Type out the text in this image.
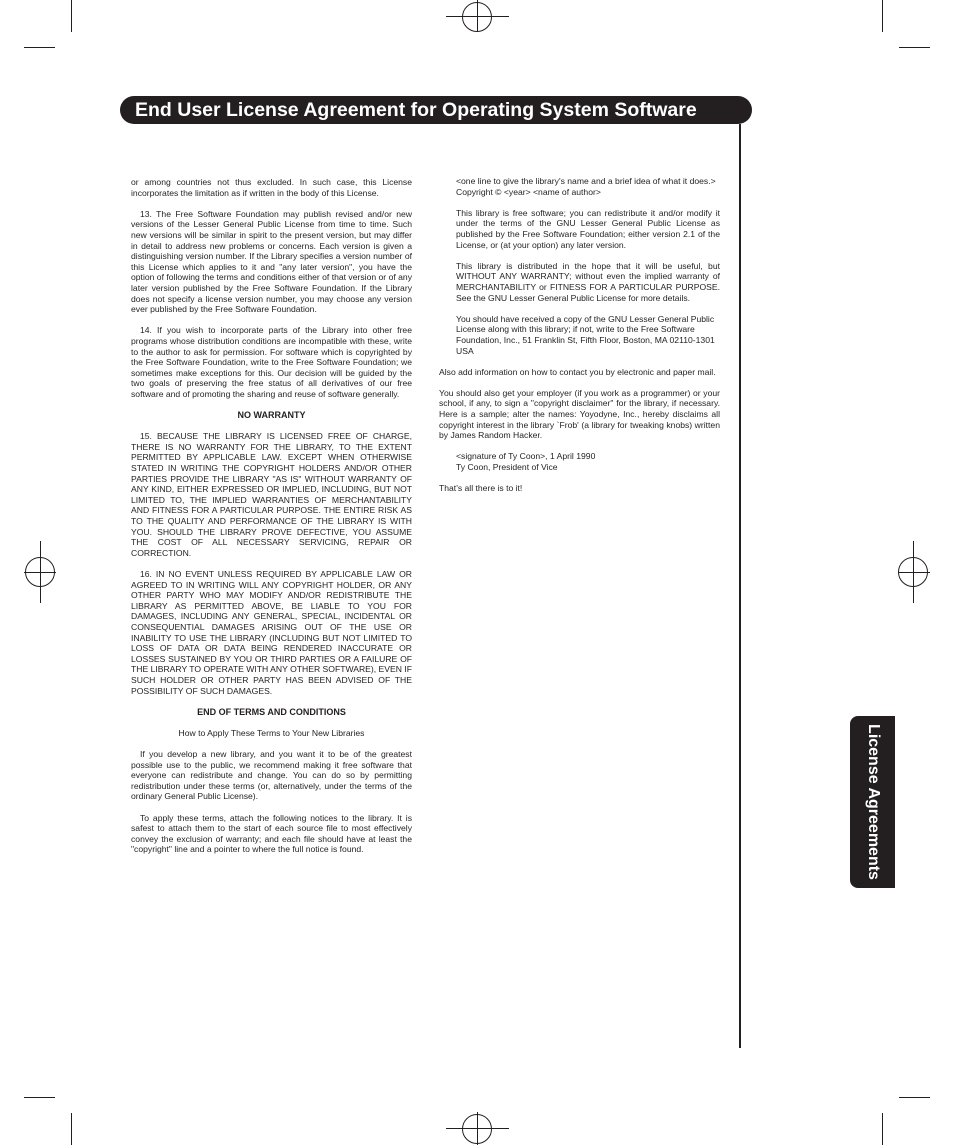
End User License Agreement for Operating System Software
License Agreements

or among countries not thus excluded. In such case, this License incorporates the limitation as if written in the body of this License.

13. The Free Software Foundation may publish revised and/or new versions of the Lesser General Public License from time to time. Such new versions will be similar in spirit to the present version, but may differ in detail to address new problems or concerns. Each version is given a distinguishing version number. If the Library specifies a version number of this License which applies to it and "any later version", you have the option of following the terms and conditions either of that version or of any later version published by the Free Software Foundation. If the Library does not specify a license version number, you may choose any version ever published by the Free Software Foundation.

14. If you wish to incorporate parts of the Library into other free programs whose distribution conditions are incompatible with these, write to the author to ask for permission. For software which is copyrighted by the Free Software Foundation, write to the Free Software Foundation; we sometimes make exceptions for this. Our decision will be guided by the two goals of preserving the free status of all derivatives of our free software and of promoting the sharing and reuse of software generally.

NO WARRANTY

15. BECAUSE THE LIBRARY IS LICENSED FREE OF CHARGE, THERE IS NO WARRANTY FOR THE LIBRARY, TO THE EXTENT PERMITTED BY APPLICABLE LAW. EXCEPT WHEN OTHERWISE STATED IN WRITING THE COPYRIGHT HOLDERS AND/OR OTHER PARTIES PROVIDE THE LIBRARY "AS IS" WITHOUT WARRANTY OF ANY KIND, EITHER EXPRESSED OR IMPLIED, INCLUDING, BUT NOT LIMITED TO, THE IMPLIED WARRANTIES OF MERCHANTABILITY AND FITNESS FOR A PARTICULAR PURPOSE. THE ENTIRE RISK AS TO THE QUALITY AND PERFORMANCE OF THE LIBRARY IS WITH YOU. SHOULD THE LIBRARY PROVE DEFECTIVE, YOU ASSUME THE COST OF ALL NECESSARY SERVICING, REPAIR OR CORRECTION.

16. IN NO EVENT UNLESS REQUIRED BY APPLICABLE LAW OR AGREED TO IN WRITING WILL ANY COPYRIGHT HOLDER, OR ANY OTHER PARTY WHO MAY MODIFY AND/OR REDISTRIBUTE THE LIBRARY AS PERMITTED ABOVE, BE LIABLE TO YOU FOR DAMAGES, INCLUDING ANY GENERAL, SPECIAL, INCIDENTAL OR CONSEQUENTIAL DAMAGES ARISING OUT OF THE USE OR INABILITY TO USE THE LIBRARY (INCLUDING BUT NOT LIMITED TO LOSS OF DATA OR DATA BEING RENDERED INACCURATE OR LOSSES SUSTAINED BY YOU OR THIRD PARTIES OR A FAILURE OF THE LIBRARY TO OPERATE WITH ANY OTHER SOFTWARE), EVEN IF SUCH HOLDER OR OTHER PARTY HAS BEEN ADVISED OF THE POSSIBILITY OF SUCH DAMAGES.

END OF TERMS AND CONDITIONS

How to Apply These Terms to Your New Libraries

If you develop a new library, and you want it to be of the greatest possible use to the public, we recommend making it free software that everyone can redistribute and change. You can do so by permitting redistribution under these terms (or, alternatively, under the terms of the ordinary General Public License).

To apply these terms, attach the following notices to the library. It is safest to attach them to the start of each source file to most effectively convey the exclusion of warranty; and each file should have at least the "copyright" line and a pointer to where the full notice is found.

<one line to give the library's name and a brief idea of what it does.>

Copyright © <year> <name of author>

This library is free software; you can redistribute it and/or modify it under the terms of the GNU Lesser General Public License as published by the Free Software Foundation; either version 2.1 of the License, or (at your option) any later version.

This library is distributed in the hope that it will be useful, but WITHOUT ANY WARRANTY; without even the implied warranty of MERCHANTABILITY or FITNESS FOR A PARTICULAR PURPOSE. See the GNU Lesser General Public License for more details.

You should have received a copy of the GNU Lesser General Public License along with this library; if not, write to the Free Software Foundation, Inc., 51 Franklin St, Fifth Floor, Boston, MA 02110-1301 USA

Also add information on how to contact you by electronic and paper mail.

You should also get your employer (if you work as a programmer) or your school, if any, to sign a "copyright disclaimer" for the library, if necessary. Here is a sample; alter the names: Yoyodyne, Inc., hereby disclaims all copyright interest in the library `Frob' (a library for tweaking knobs) written by James Random Hacker.

<signature of Ty Coon>, 1 April 1990

Ty Coon, President of Vice

That's all there is to it!
